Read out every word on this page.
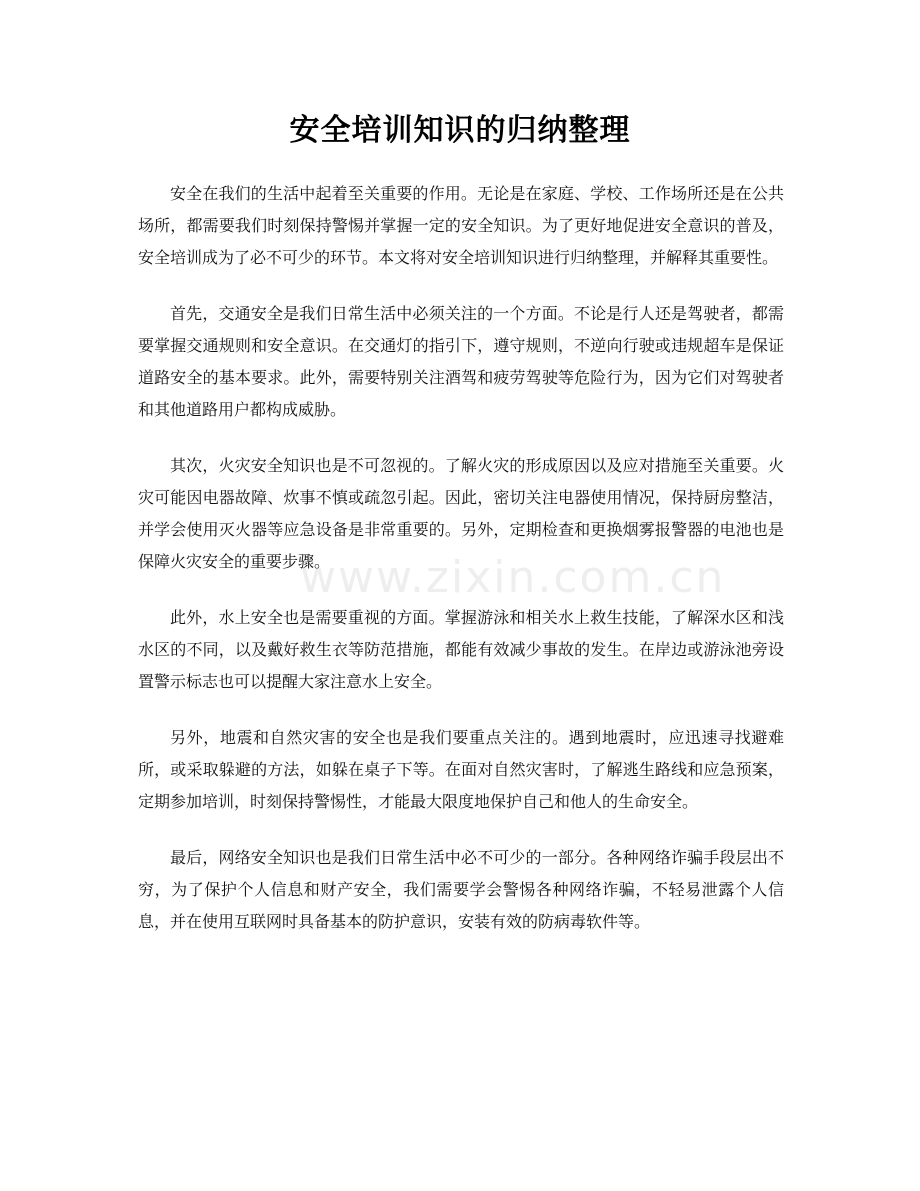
安全培训知识的归纳整理

安全在我们的生活中起着至关重要的作用。无论是在家庭、学校、工作场所还是在公共场所，都需要我们时刻保持警惕并掌握一定的安全知识。为了更好地促进安全意识的普及，安全培训成为了必不可少的环节。本文将对安全培训知识进行归纳整理，并解释其重要性。

首先，交通安全是我们日常生活中必须关注的一个方面。不论是行人还是驾驶者，都需要掌握交通规则和安全意识。在交通灯的指引下，遵守规则，不逆向行驶或违规超车是保证道路安全的基本要求。此外，需要特别关注酒驾和疲劳驾驶等危险行为，因为它们对驾驶者和其他道路用户都构成威胁。

其次，火灾安全知识也是不可忽视的。了解火灾的形成原因以及应对措施至关重要。火灾可能因电器故障、炊事不慎或疏忽引起。因此，密切关注电器使用情况，保持厨房整洁，并学会使用灭火器等应急设备是非常重要的。另外，定期检查和更换烟雾报警器的电池也是保障火灾安全的重要步骤。

此外，水上安全也是需要重视的方面。掌握游泳和相关水上救生技能，了解深水区和浅水区的不同，以及戴好救生衣等防范措施，都能有效减少事故的发生。在岸边或游泳池旁设置警示标志也可以提醒大家注意水上安全。

另外，地震和自然灾害的安全也是我们要重点关注的。遇到地震时，应迅速寻找避难所，或采取躲避的方法，如躲在桌子下等。在面对自然灾害时，了解逃生路线和应急预案，定期参加培训，时刻保持警惕性，才能最大限度地保护自己和他人的生命安全。

最后，网络安全知识也是我们日常生活中必不可少的一部分。各种网络诈骗手段层出不穷，为了保护个人信息和财产安全，我们需要学会警惕各种网络诈骗，不轻易泄露个人信息，并在使用互联网时具备基本的防护意识，安装有效的防病毒软件等。

www.zixin.com.cn
